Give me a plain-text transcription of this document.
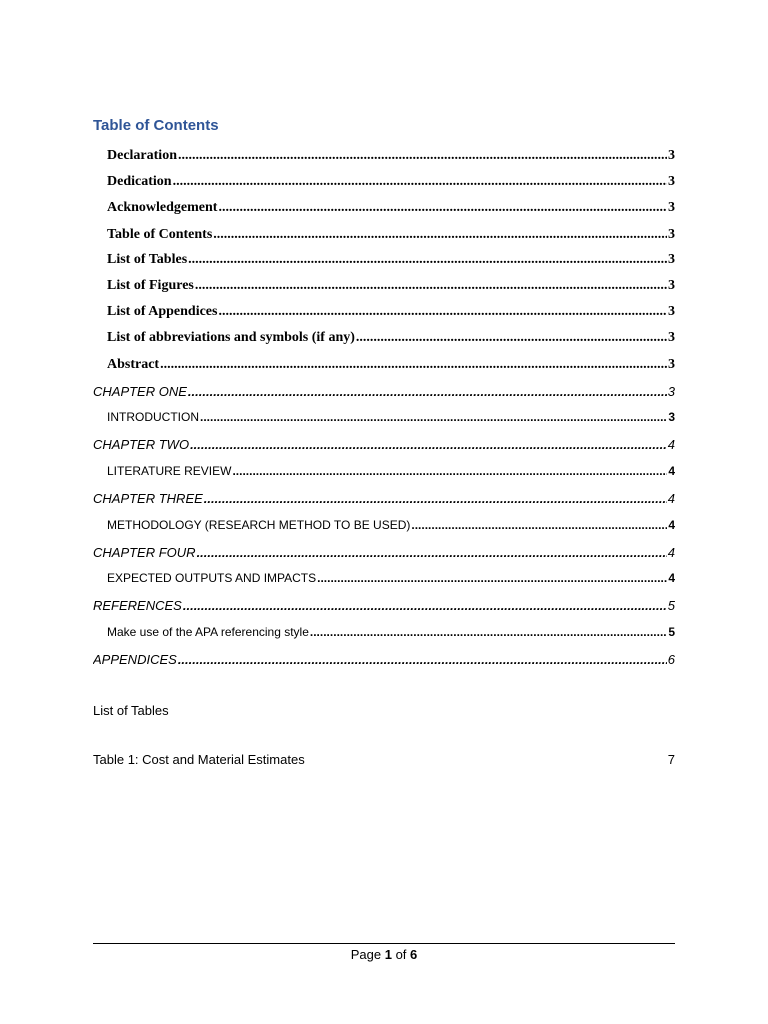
Table of Contents
Declaration .....	3
Dedication .....	3
Acknowledgement .....	3
Table of Contents .....	3
List of Tables .....	3
List of Figures .....	3
List of Appendices .....	3
List of abbreviations and symbols (if any) .....	3
Abstract .....	3
CHAPTER ONE .....	3
INTRODUCTION .....	3
CHAPTER TWO .....	4
LITERATURE REVIEW .....	4
CHAPTER THREE .....	4
METHODOLOGY (RESEARCH METHOD TO BE USED) .....	4
CHAPTER FOUR .....	4
EXPECTED OUTPUTS AND IMPACTS .....	4
REFERENCES .....	5
Make use of the APA referencing style .....	5
APPENDICES .....	6
List of Tables
Table 1: Cost and Material Estimates	7
Page 1 of 6
